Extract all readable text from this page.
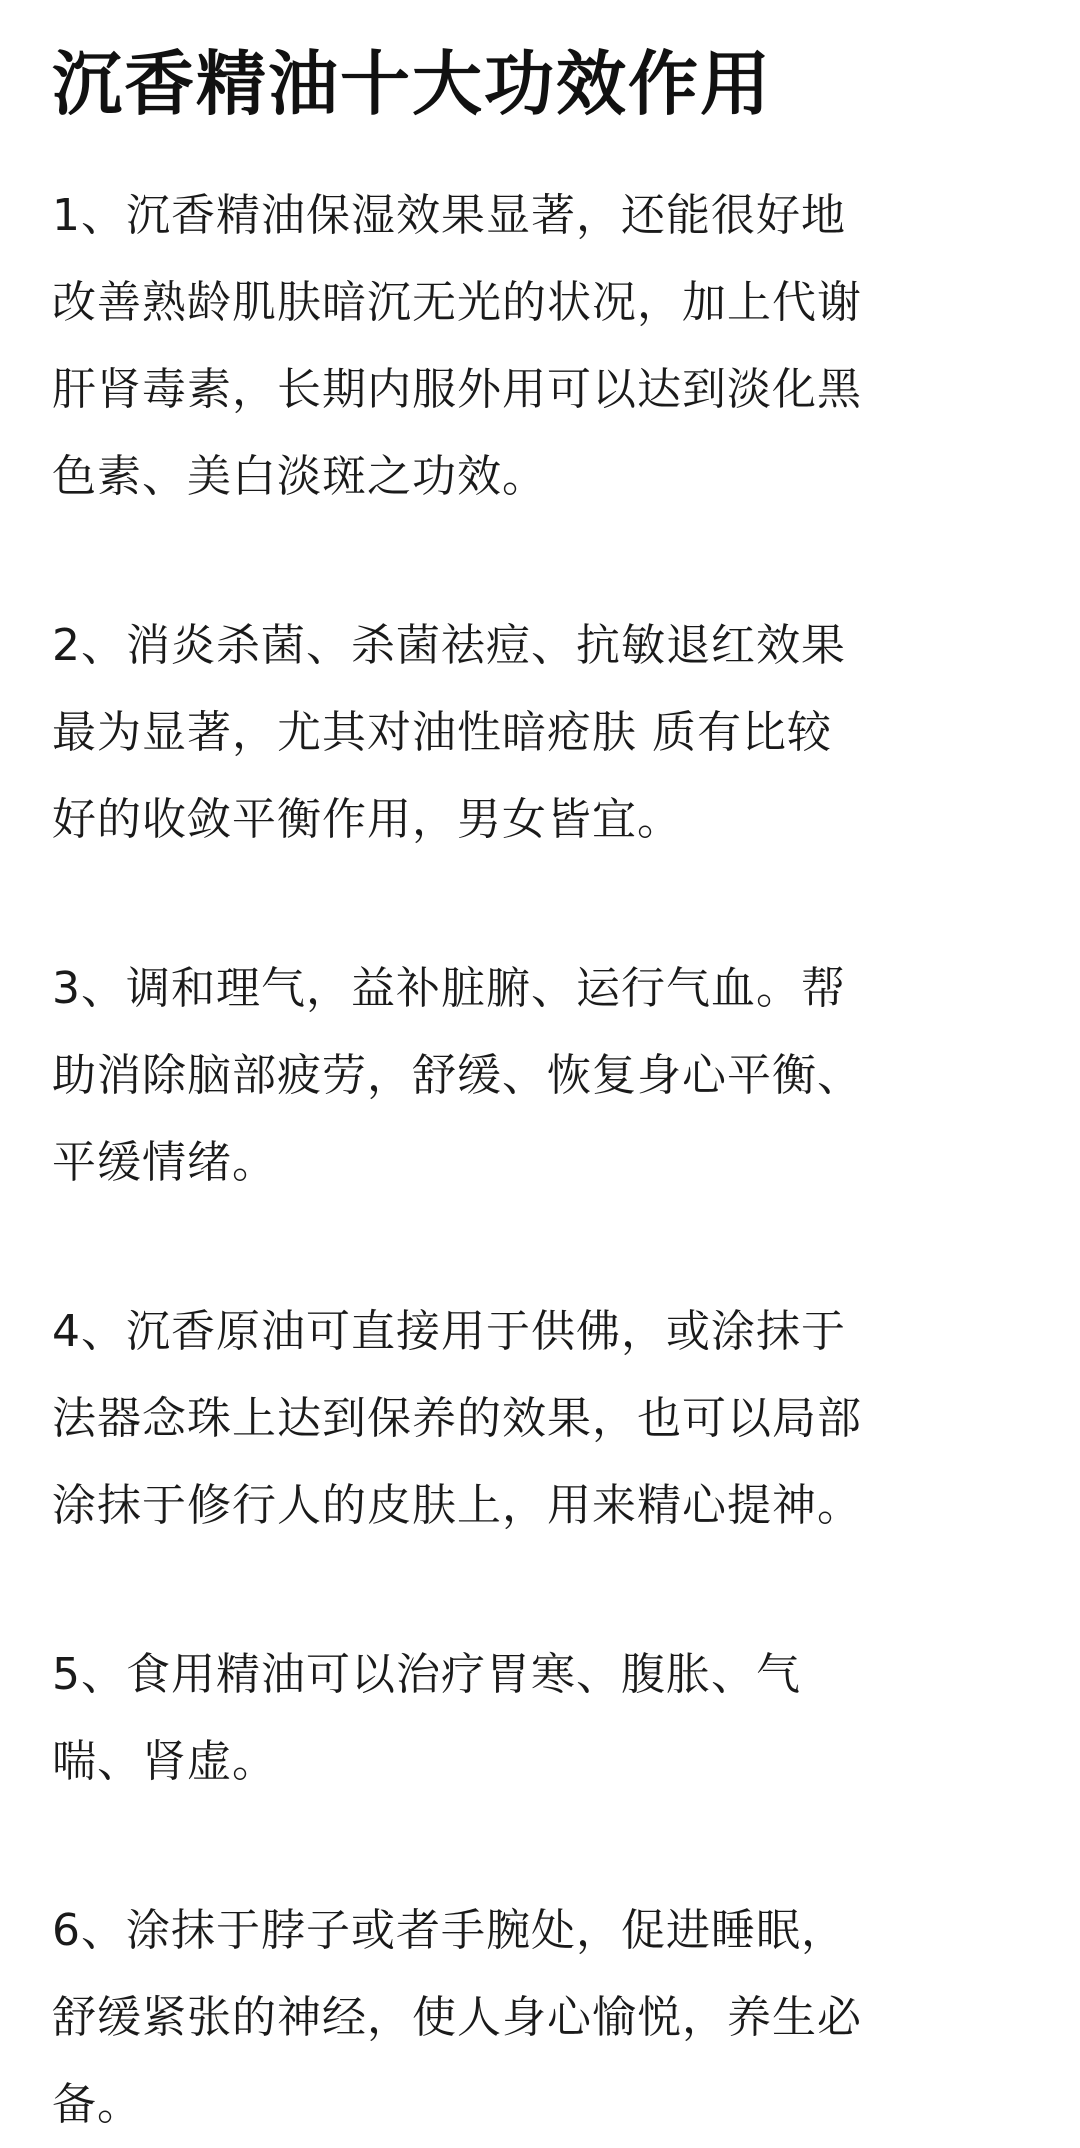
沉香精油十大功效作用

1、沉香精油保湿效果显著，还能很好地
改善熟龄肌肤暗沉无光的状况，加上代谢
肝肾毒素，长期内服外用可以达到淡化黑
色素、美白淡斑之功效。

2、消炎杀菌、杀菌祛痘、抗敏退红效果
最为显著，尤其对油性暗疮肤 质有比较
好的收敛平衡作用，男女皆宜。

3、调和理气，益补脏腑、运行气血。帮
助消除脑部疲劳，舒缓、恢复身心平衡、
平缓情绪。

4、沉香原油可直接用于供佛，或涂抹于
法器念珠上达到保养的效果，也可以局部
涂抹于修行人的皮肤上，用来精心提神。

5、食用精油可以治疗胃寒、腹胀、气
喘、肾虚。

6、涂抹于脖子或者手腕处，促进睡眠，
舒缓紧张的神经，使人身心愉悦，养生必
备。
